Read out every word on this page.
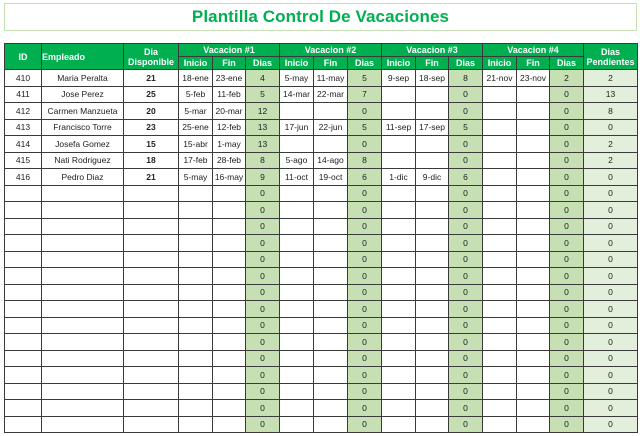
Plantilla Control De Vacaciones
ID	Empleado	Dia Disponible	Vacacion #1			Vacacion #2			Vacacion #3			Vacacion #4			Dias Pendientes
			Inicio	Fin	Dias	Inicio	Fin	Dias	Inicio	Fin	Dias	Inicio	Fin	Dias	
410	Maria Peralta	21	18-ene	23-ene	4	5-may	11-may	5	9-sep	18-sep	8	21-nov	23-nov	2	2
411	Jose Perez	25	5-feb	11-feb	5	14-mar	22-mar	7			0			0	13
412	Carmen Manzueta	20	5-mar	20-mar	12			0			0			0	8
413	Francisco Torre	23	25-ene	12-feb	13	17-jun	22-jun	5	11-sep	17-sep	5			0	0
414	Josefa Gomez	15	15-abr	1-may	13			0			0			0	2
415	Nati Rodriguez	18	17-feb	28-feb	8	5-ago	14-ago	8			0			0	2
416	Pedro Diaz	21	5-may	16-may	9	11-oct	19-oct	6	1-dic	9-dic	6			0	0
					0			0			0			0	0
					0			0			0			0	0
					0			0			0			0	0
					0			0			0			0	0
					0			0			0			0	0
					0			0			0			0	0
					0			0			0			0	0
					0			0			0			0	0
					0			0			0			0	0
					0			0			0			0	0
					0			0			0			0	0
					0			0			0			0	0
					0			0			0			0	0
					0			0			0			0	0
					0			0			0			0	0
